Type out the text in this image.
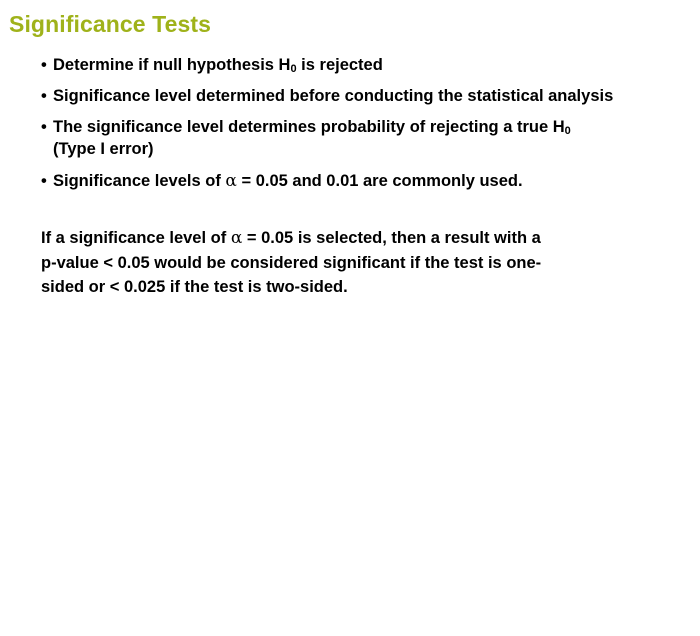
Significance Tests
• Determine if null hypothesis $H_0$ is rejected
• Significance level determined before conducting the statistical analysis
• The significance level determines probability of rejecting a true $H_0$
(Type I error)
• Significance levels of α = 0.05 and 0.01 are commonly used.
If a significance level of α = 0.05 is selected, then a result with a
p-value < 0.05 would be considered significant if the test is one-
sided or < 0.025 if the test is two-sided.
